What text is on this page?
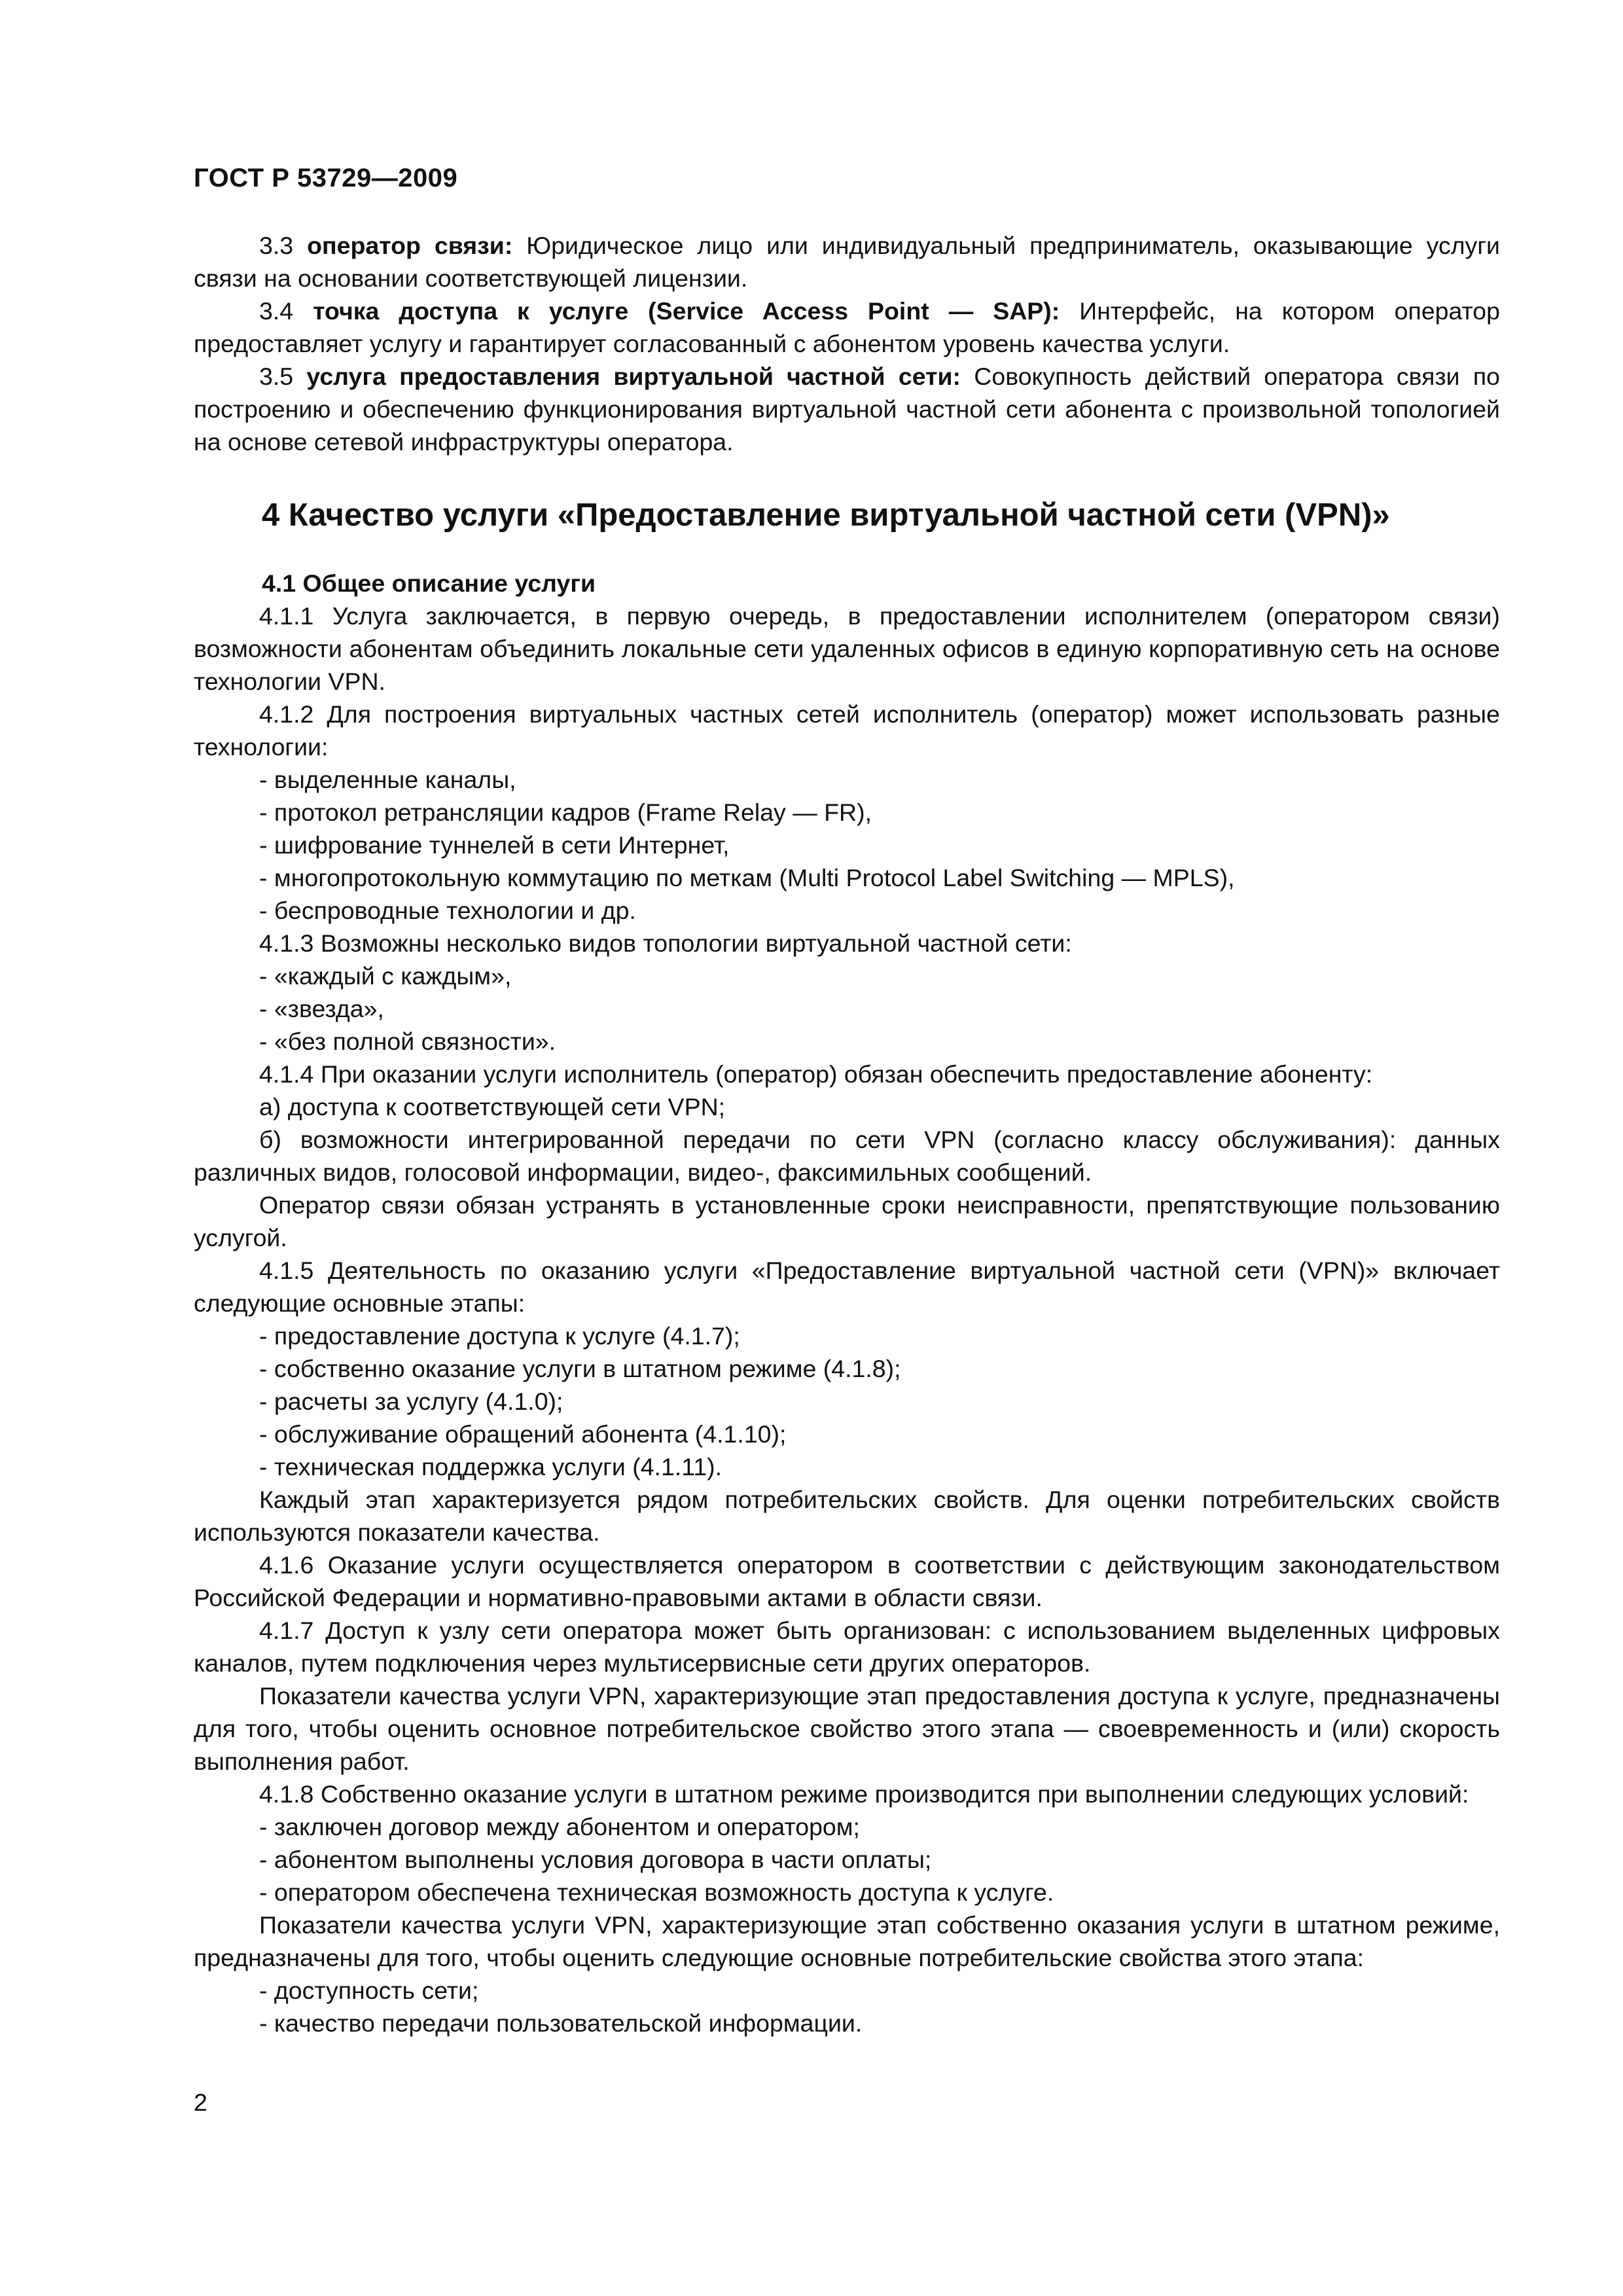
ГОСТ Р 53729—2009

3.3 оператор связи: Юридическое лицо или индивидуальный предприниматель, оказывающие услуги связи на основании соответствующей лицензии.

3.4 точка доступа к услуге (Service Access Point — SAP): Интерфейс, на котором оператор предоставляет услугу и гарантирует согласованный с абонентом уровень качества услуги.

3.5 услуга предоставления виртуальной частной сети: Совокупность действий оператора связи по построению и обеспечению функционирования виртуальной частной сети абонента с произвольной топологией на основе сетевой инфраструктуры оператора.

4 Качество услуги «Предоставление виртуальной частной сети (VPN)»
4.1 Общее описание услуги

4.1.1 Услуга заключается, в первую очередь, в предоставлении исполнителем (оператором связи) возможности абонентам объединить локальные сети удаленных офисов в единую корпоративную сеть на основе технологии VPN.

4.1.2 Для построения виртуальных частных сетей исполнитель (оператор) может использовать разные технологии:

- выделенные каналы,

- протокол ретрансляции кадров (Frame Relay — FR),

- шифрование туннелей в сети Интернет,

- многопротокольную коммутацию по меткам (Multi Protocol Label Switching — MPLS),

- беспроводные технологии и др.

4.1.3 Возможны несколько видов топологии виртуальной частной сети:

- «каждый с каждым»,

- «звезда»,

- «без полной связности».

4.1.4 При оказании услуги исполнитель (оператор) обязан обеспечить предоставление абоненту:

а) доступа к соответствующей сети VPN;

б) возможности интегрированной передачи по сети VPN (согласно классу обслуживания): данных различных видов, голосовой информации, видео-, факсимильных сообщений.

Оператор связи обязан устранять в установленные сроки неисправности, препятствующие пользованию услугой.

4.1.5 Деятельность по оказанию услуги «Предоставление виртуальной частной сети (VPN)» включает следующие основные этапы:

- предоставление доступа к услуге (4.1.7);

- собственно оказание услуги в штатном режиме (4.1.8);

- расчеты за услугу (4.1.0);

- обслуживание обращений абонента (4.1.10);

- техническая поддержка услуги (4.1.11).

Каждый этап характеризуется рядом потребительских свойств. Для оценки потребительских свойств используются показатели качества.

4.1.6 Оказание услуги осуществляется оператором в соответствии с действующим законодательством Российской Федерации и нормативно-правовыми актами в области связи.

4.1.7 Доступ к узлу сети оператора может быть организован: с использованием выделенных цифровых каналов, путем подключения через мультисервисные сети других операторов.

Показатели качества услуги VPN, характеризующие этап предоставления доступа к услуге, предназначены для того, чтобы оценить основное потребительское свойство этого этапа — своевременность и (или) скорость выполнения работ.

4.1.8 Собственно оказание услуги в штатном режиме производится при выполнении следующих условий:

- заключен договор между абонентом и оператором;

- абонентом выполнены условия договора в части оплаты;

- оператором обеспечена техническая возможность доступа к услуге.

Показатели качества услуги VPN, характеризующие этап собственно оказания услуги в штатном режиме, предназначены для того, чтобы оценить следующие основные потребительские свойства этого этапа:

- доступность сети;

- качество передачи пользовательской информации.

2
